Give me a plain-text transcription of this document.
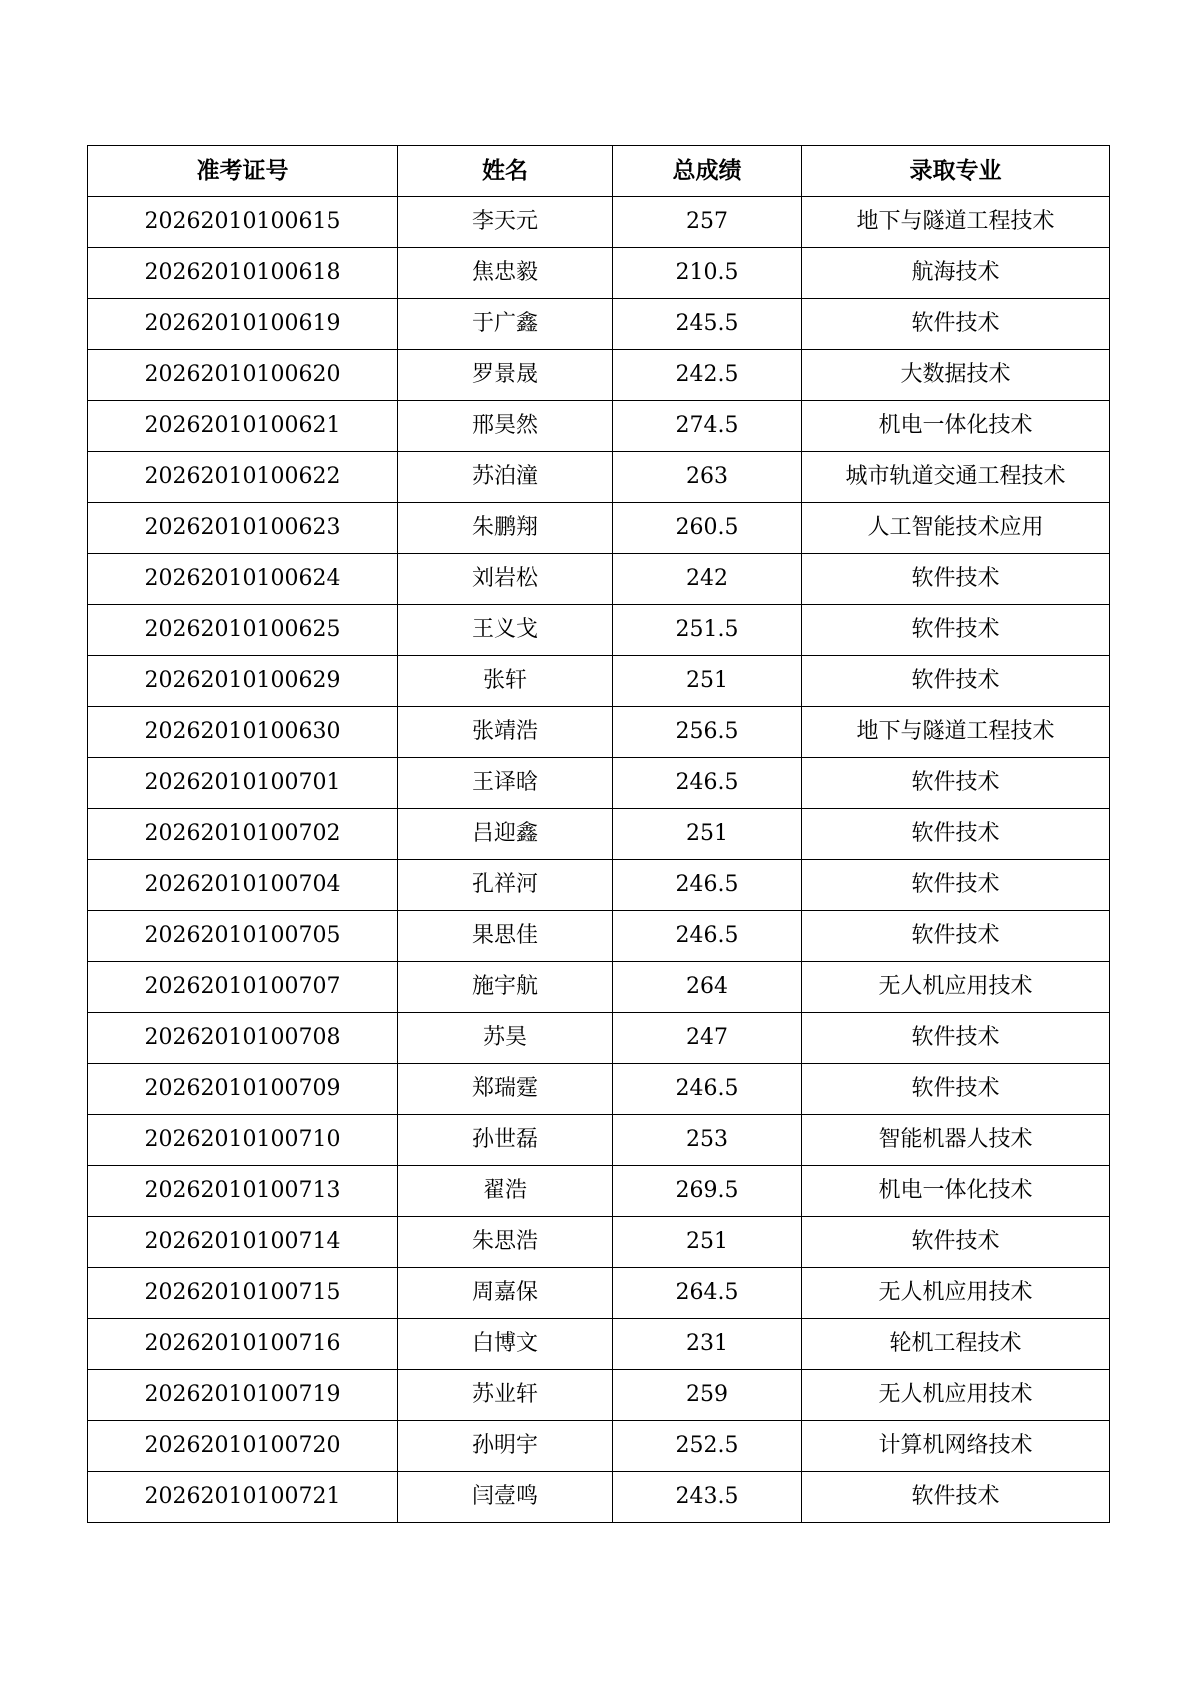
准考证号	姓名	总成绩	录取专业
20262010100615	李天元	257	地下与隧道工程技术
20262010100618	焦忠毅	210.5	航海技术
20262010100619	于广鑫	245.5	软件技术
20262010100620	罗景晟	242.5	大数据技术
20262010100621	邢昊然	274.5	机电一体化技术
20262010100622	苏泊潼	263	城市轨道交通工程技术
20262010100623	朱鹏翔	260.5	人工智能技术应用
20262010100624	刘岩松	242	软件技术
20262010100625	王义戈	251.5	软件技术
20262010100629	张轩	251	软件技术
20262010100630	张靖浩	256.5	地下与隧道工程技术
20262010100701	王译晗	246.5	软件技术
20262010100702	吕迎鑫	251	软件技术
20262010100704	孔祥河	246.5	软件技术
20262010100705	果思佳	246.5	软件技术
20262010100707	施宇航	264	无人机应用技术
20262010100708	苏昊	247	软件技术
20262010100709	郑瑞霆	246.5	软件技术
20262010100710	孙世磊	253	智能机器人技术
20262010100713	翟浩	269.5	机电一体化技术
20262010100714	朱思浩	251	软件技术
20262010100715	周嘉保	264.5	无人机应用技术
20262010100716	白博文	231	轮机工程技术
20262010100719	苏业轩	259	无人机应用技术
20262010100720	孙明宇	252.5	计算机网络技术
20262010100721	闫壹鸣	243.5	软件技术
